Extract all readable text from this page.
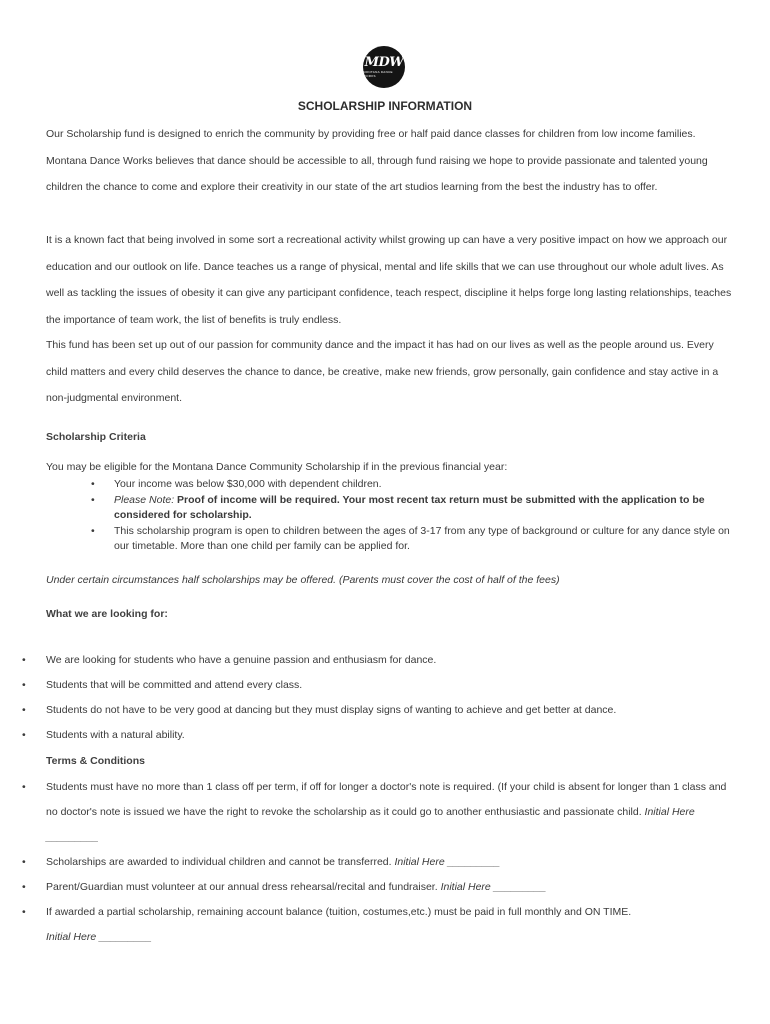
MDW
MONTANA DANCE WORKS
SCHOLARSHIP INFORMATION

Our Scholarship fund is designed to enrich the community by providing free or half paid dance classes for children from low income families. Montana Dance Works believes that dance should be accessible to all, through fund raising we hope to provide passionate and talented young children the chance to come and explore their creativity in our state of the art studios learning from the best the industry has to offer.

It is a known fact that being involved in some sort a recreational activity whilst growing up can have a very positive impact on how we approach our education and our outlook on life. Dance teaches us a range of physical, mental and life skills that we can use throughout our whole adult lives. As well as tackling the issues of obesity it can give any participant confidence, teach respect, discipline it helps forge long lasting relationships, teaches the importance of team work, the list of benefits is truly endless.

This fund has been set up out of our passion for community dance and the impact it has had on our lives as well as the people around us. Every child matters and every child deserves the chance to dance, be creative, make new friends, grow personally, gain confidence and stay active in a non-judgmental environment.

Scholarship Criteria

You may be eligible for the Montana Dance Community Scholarship if in the previous financial year:

• Your income was below $30,000 with dependent children.
• Please Note: Proof of income will be required. Your most recent tax return must be submitted with the application to be considered for scholarship.
• This scholarship program is open to children between the ages of 3-17 from any type of background or culture for any dance style on our timetable. More than one child per family can be applied for.

Under certain circumstances half scholarships may be offered. (Parents must cover the cost of half of the fees)

What we are looking for:

• We are looking for students who have a genuine passion and enthusiasm for dance.
• Students that will be committed and attend every class.
• Students do not have to be very good at dancing but they must display signs of wanting to achieve and get better at dance.
• Students with a natural ability.

Terms & Conditions

• Students must have no more than 1 class off per term, if off for longer a doctor's note is required. (If your child is absent for longer than 1 class and no doctor's note is issued we have the right to revoke the scholarship as it could go to another enthusiastic and passionate child. Initial Here _________
• Scholarships are awarded to individual children and cannot be transferred. Initial Here _________
• Parent/Guardian must volunteer at our annual dress rehearsal/recital and fundraiser. Initial Here _________
• If awarded a partial scholarship, remaining account balance (tuition, costumes,etc.) must be paid in full monthly and ON TIME.
Initial Here _________
